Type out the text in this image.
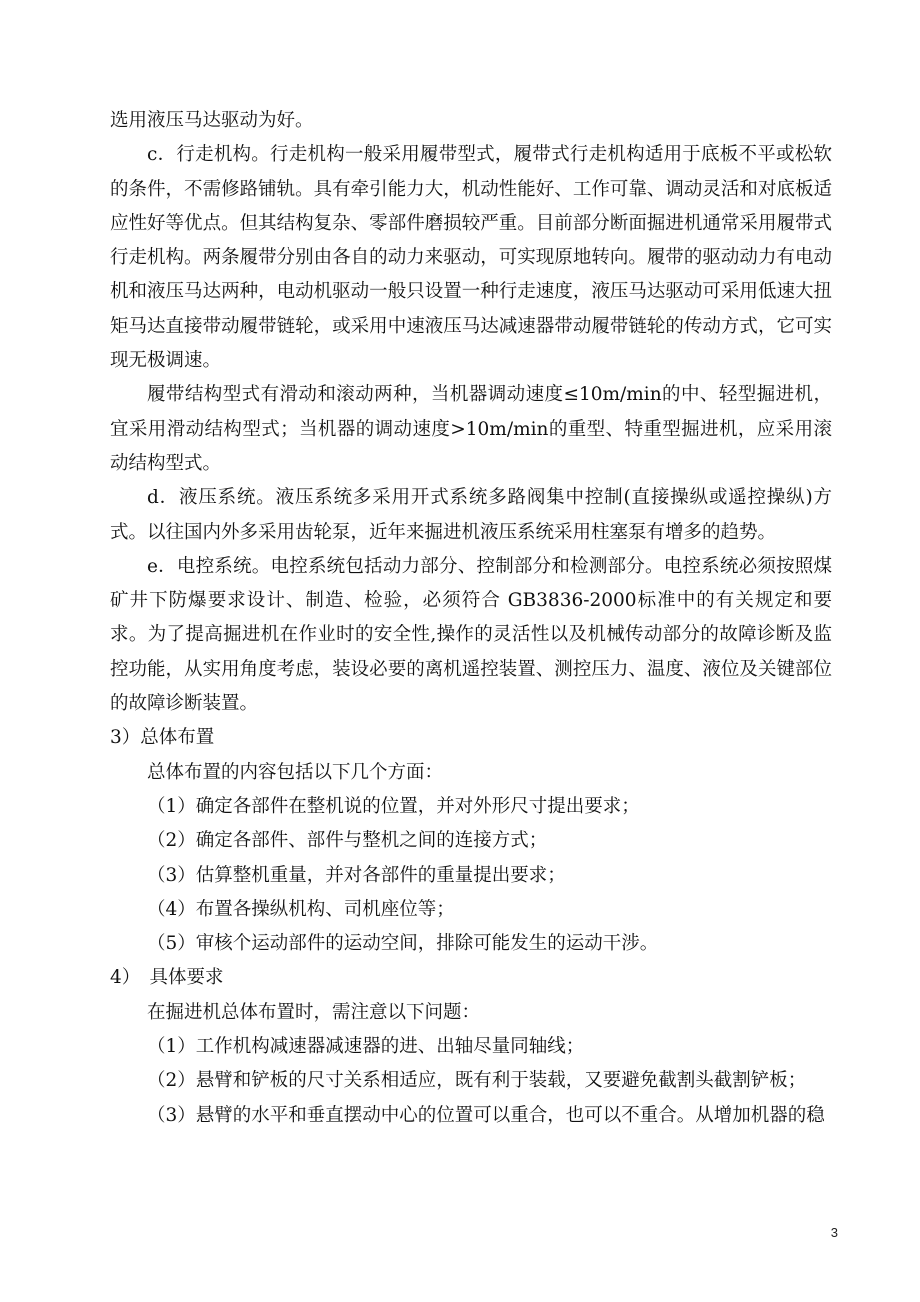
选用液压马达驱动为好。

c．行走机构。行走机构一般采用履带型式，履带式行走机构适用于底板不平或松软的条件，不需修路铺轨。具有牵引能力大，机动性能好、工作可靠、调动灵活和对底板适应性好等优点。但其结构复杂、零部件磨损较严重。目前部分断面掘进机通常采用履带式行走机构。两条履带分别由各自的动力来驱动，可实现原地转向。履带的驱动动力有电动机和液压马达两种，电动机驱动一般只设置一种行走速度，液压马达驱动可采用低速大扭矩马达直接带动履带链轮，或采用中速液压马达减速器带动履带链轮的传动方式，它可实现无极调速。

履带结构型式有滑动和滚动两种，当机器调动速度≤10m/min的中、轻型掘进机，宜采用滑动结构型式；当机器的调动速度>10m/min的重型、特重型掘进机，应采用滚动结构型式。

d．液压系统。液压系统多采用开式系统多路阀集中控制(直接操纵或遥控操纵)方式。以往国内外多采用齿轮泵，近年来掘进机液压系统采用柱塞泵有增多的趋势。

e．电控系统。电控系统包括动力部分、控制部分和检测部分。电控系统必须按照煤矿井下防爆要求设计、制造、检验，必须符合 GB3836-2000标准中的有关规定和要求。为了提高掘进机在作业时的安全性,操作的灵活性以及机械传动部分的故障诊断及监控功能，从实用角度考虑，装设必要的离机遥控装置、测控压力、温度、液位及关键部位的故障诊断装置。

3）总体布置

总体布置的内容包括以下几个方面：

（1）确定各部件在整机说的位置，并对外形尺寸提出要求；

（2）确定各部件、部件与整机之间的连接方式；

（3）估算整机重量，并对各部件的重量提出要求；

（4）布置各操纵机构、司机座位等；

（5）审核个运动部件的运动空间，排除可能发生的运动干涉。

4）　具体要求

在掘进机总体布置时，需注意以下问题：

（1）工作机构减速器减速器的进、出轴尽量同轴线；

（2）悬臂和铲板的尺寸关系相适应，既有利于装载，又要避免截割头截割铲板；

（3）悬臂的水平和垂直摆动中心的位置可以重合，也可以不重合。从增加机器的稳

3
